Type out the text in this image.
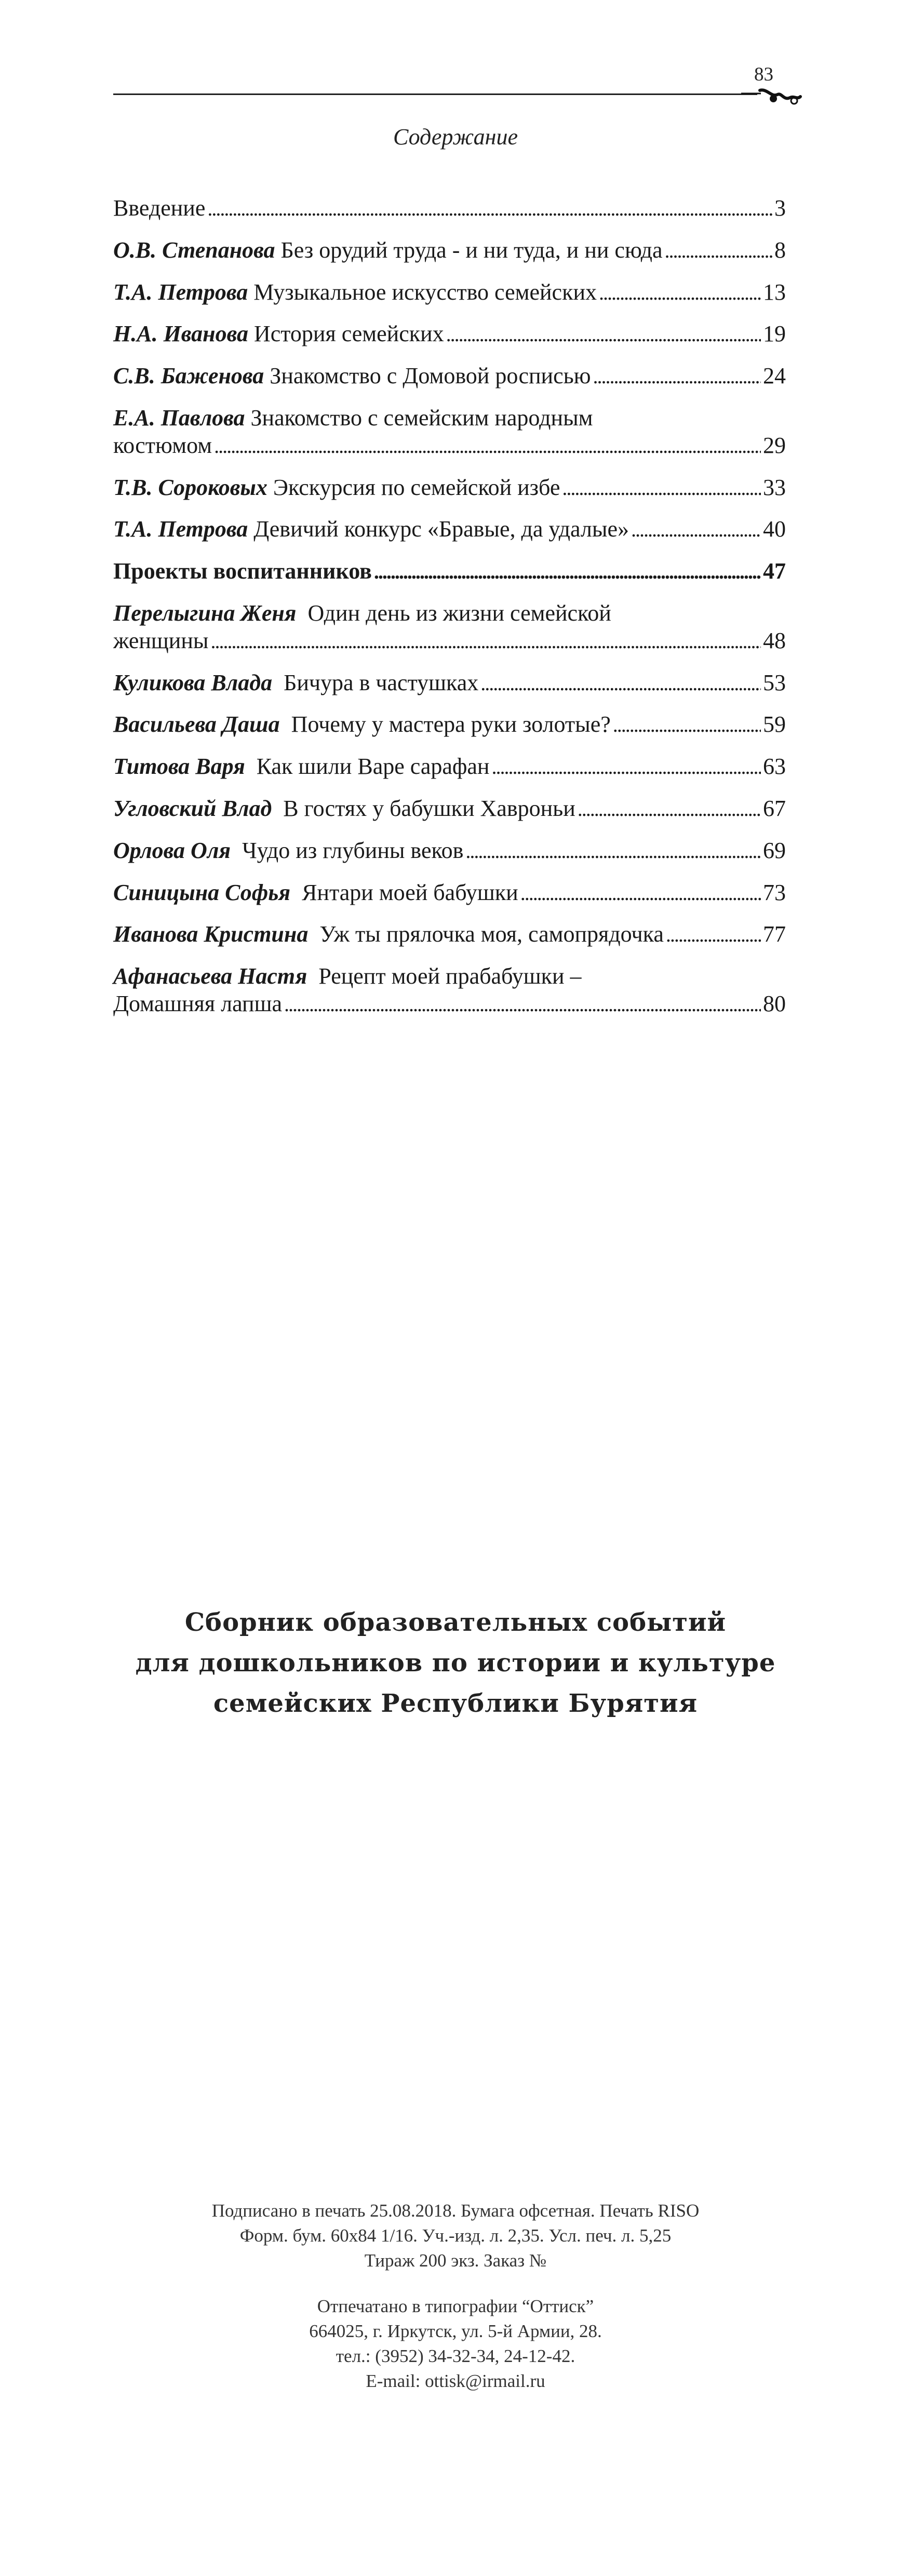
83
Содержание
Введение . . .	3
О.В. Степанова Без орудий труда - и ни туда, и ни сюда . . .	8
Т.А. Петрова Музыкальное искусство семейских . . .	13
Н.А. Иванова История семейских . . .	19
С.В. Баженова Знакомство с Домовой росписью . . .	24
Е.А. Павлова Знакомство с семейским народным
костюмом . . .	29
Т.В. Сороковых Экскурсия по семейской избе . . .	33
Т.А. Петрова Девичий конкурс «Бравые, да удалые» . . .	40
Проекты воспитанников . . .	47
Перелыгина Женя Один день из жизни семейской
женщины . . .	48
Куликова Влада Бичура в частушках . . .	53
Васильева Даша Почему у мастера руки золотые? . . .	59
Титова Варя Как шили Варе сарафан . . .	63
Угловский Влад В гостях у бабушки Хавроньи . . .	67
Орлова Оля Чудо из глубины веков . . .	69
Синицына Софья Янтари моей бабушки . . .	73
Иванова Кристина Уж ты прялочка моя, самопрядочка . . .	77
Афанасьева Настя Рецепт моей прабабушки –
Домашняя лапша . . .	80
Сборник образовательных событий
для дошкольников по истории и культуре
семейских Республики Бурятия
Подписано в печать 25.08.2018. Бумага офсетная. Печать RISO
Форм. бум. 60x84 1/16. Уч.-изд. л. 2,35. Усл. печ. л. 5,25
Тираж 200 экз. Заказ №
Отпечатано в типографии “Оттиск”
664025, г. Иркутск, ул. 5-й Армии, 28.
тел.: (3952) 34-32-34, 24-12-42.
E-mail: ottisk@irmail.ru
